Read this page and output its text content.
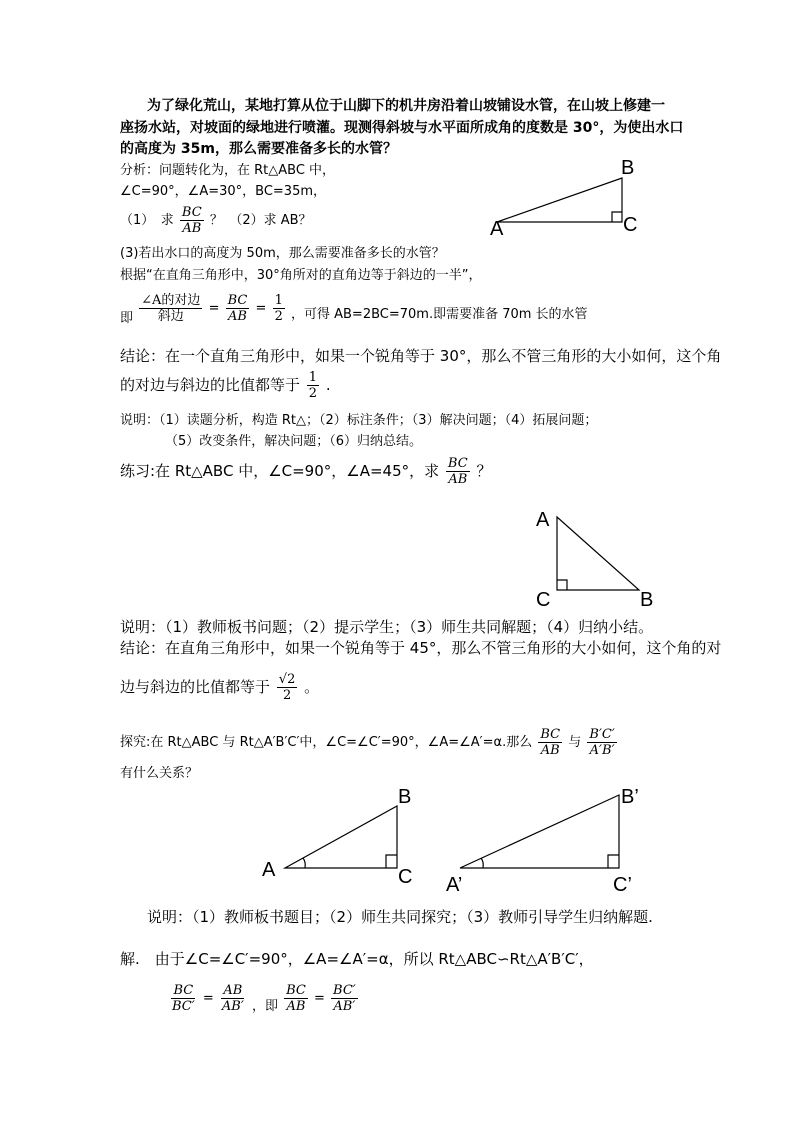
为了绿化荒山，某地打算从位于山脚下的机井房沿着山坡铺设水管，在山坡上修建一
座扬水站，对坡面的绿地进行喷灌。现测得斜坡与水平面所成角的度数是 30°，为使出水口
的高度为 35m，那么需要准备多长的水管？
分析：问题转化为，在 Rt△ABC 中，
∠C=90°，∠A=30°，BC=35m，
（1）　求 $\frac{BC}{AB}$ ？　（2）求 AB？
(3)若出水口的高度为 50m，那么需要准备多长的水管？
根据“在直角三角形中，30°角所对的直角边等于斜边的一半”，
即
∠A的对边
斜边
= $\frac{BC}{AB} = \frac{1}{2}$ ，可得 AB=2BC=70m.即需要准备 70m 长的水管
结论：在一个直角三角形中，如果一个锐角等于 30°，那么不管三角形的大小如何，这个角
的对边与斜边的比值都等于 $\frac{1}{2}$ .
说明：（1）读题分析，构造 Rt△；（2）标注条件；（3）解决问题；（4）拓展问题；
（5）改变条件，解决问题；（6）归纳总结。
练习:在 Rt△ABC 中，∠C=90°，∠A=45°，求 $\frac{BC}{AB}$ ？
说明：（1）教师板书问题；（2）提示学生；（3）师生共同解题；（4）归纳小结。
结论：在直角三角形中，如果一个锐角等于 45°，那么不管三角形的大小如何，这个角的对
边与斜边的比值都等于 $\frac{√2}{2}$ 。
探究:在 Rt△ABC 与 Rt△A′B′C′中，∠C=∠C′=90°，∠A=∠A′=α.那么 $\frac{BC}{AB}$ 与 $\frac{B'C'}{A'B'}$
有什么关系？
说明：（1）教师板书题目；（2）师生共同探究；（3）教师引导学生归纳解题.
解.　由于∠C=∠C′=90°，∠A=∠A′=α，所以 Rt△ABC∽Rt△A′B′C′，
$\frac{BC}{BC'} = \frac{AB}{AB'}$ ，即 $\frac{BC}{AB} = \frac{BC'}{AB'}$
A
B
C
A
C	B
A
B
C A’
B’
C’
